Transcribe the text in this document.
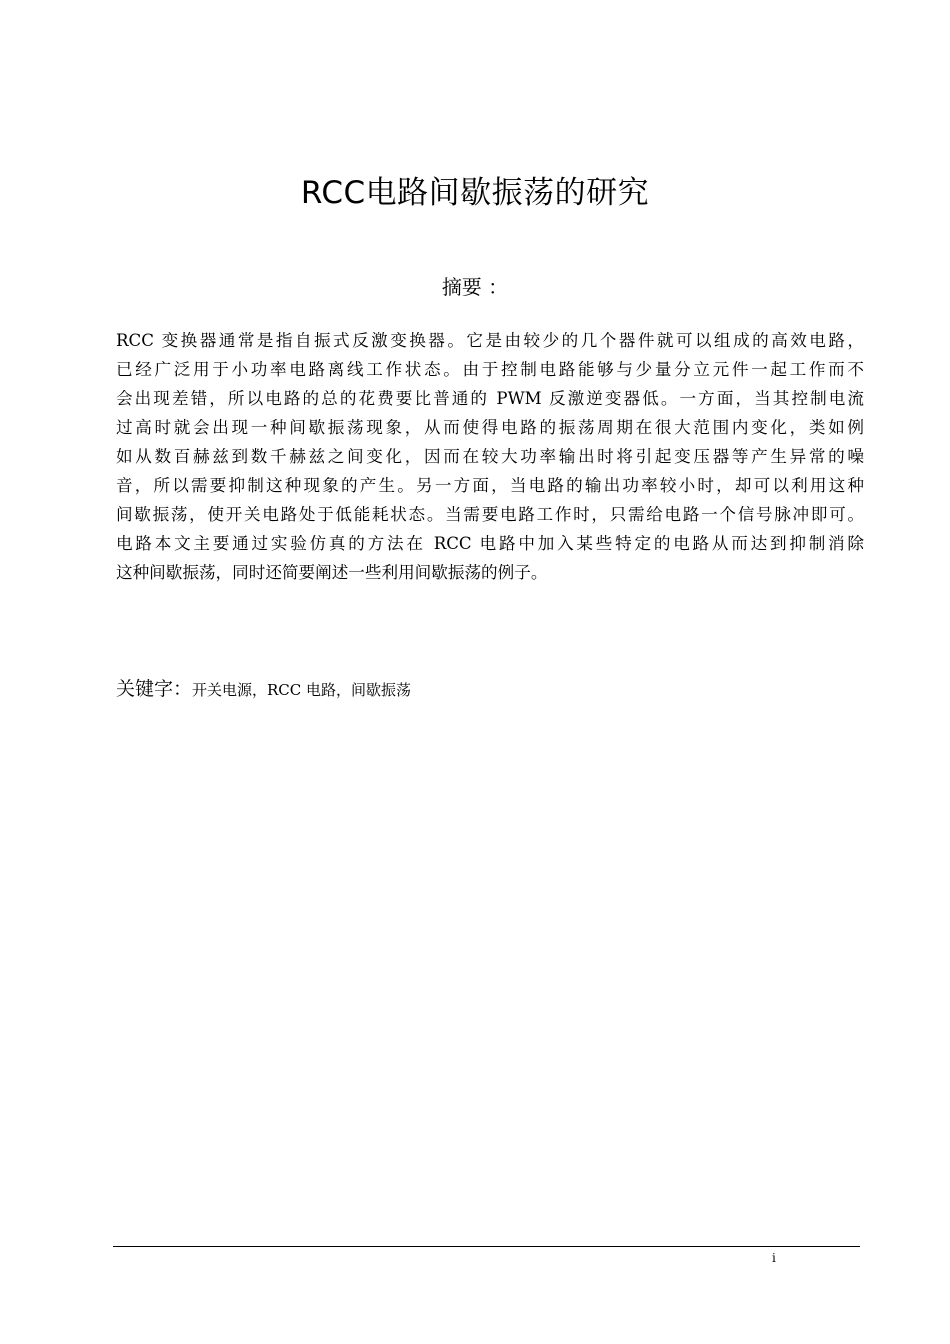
RCC电路间歇振荡的研究
摘要 ：
RCC 变换器通常是指自振式反激变换器。它是由较少的几个器件就可以组成的高效电路，
已经广泛用于小功率电路离线工作状态。由于控制电路能够与少量分立元件一起工作而不
会出现差错，所以电路的总的花费要比普通的 PWM 反激逆变器低。一方面，当其控制电流
过高时就会出现一种间歇振荡现象，从而使得电路的振荡周期在很大范围内变化，类如例
如从数百赫兹到数千赫兹之间变化，因而在较大功率输出时将引起变压器等产生异常的噪
音，所以需要抑制这种现象的产生。另一方面，当电路的输出功率较小时，却可以利用这种
间歇振荡，使开关电路处于低能耗状态。当需要电路工作时，只需给电路一个信号脉冲即可。
电路本文主要通过实验仿真的方法在 RCC 电路中加入某些特定的电路从而达到抑制消除
这种间歇振荡，同时还简要阐述一些利用间歇振荡的例子。
关键字：开关电源，RCC 电路，间歇振荡
i
